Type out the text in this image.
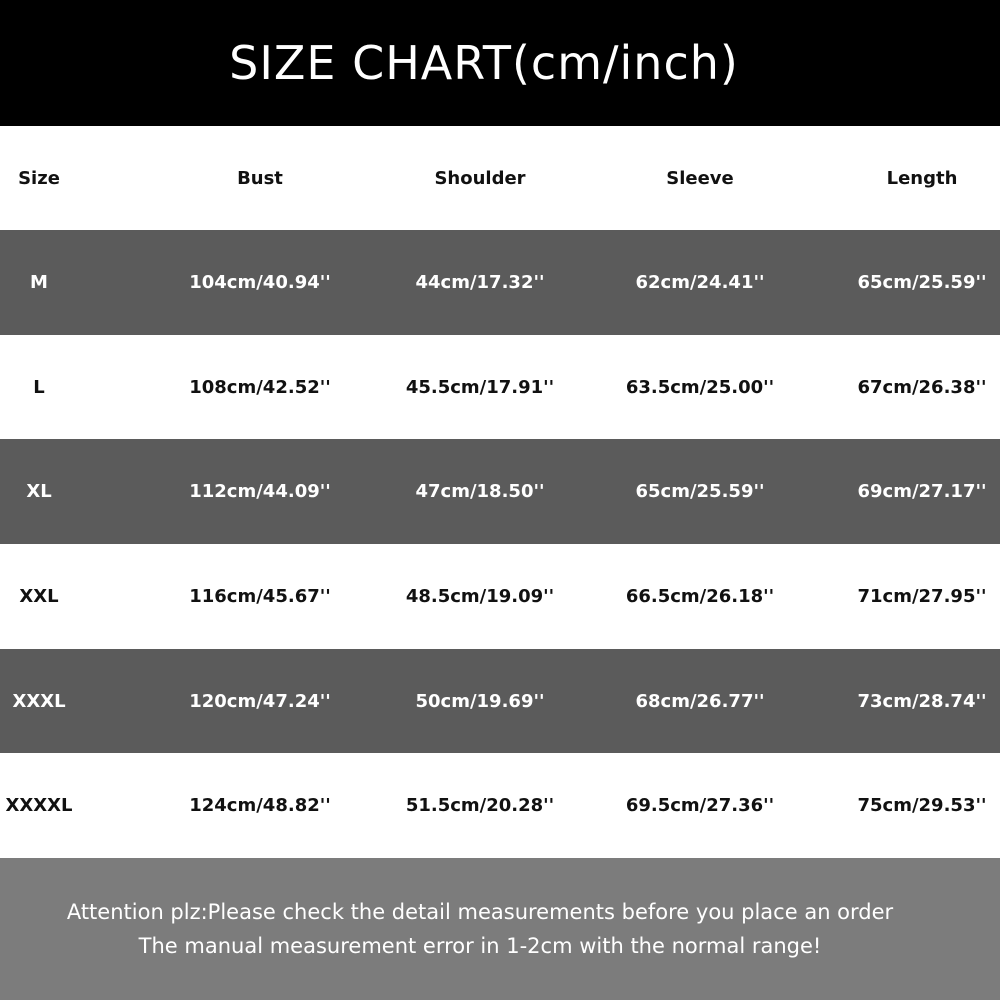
SIZE CHART(cm/inch)
Size	Bust	Shoulder	Sleeve	Length
M	104cm/40.94''	44cm/17.32''	62cm/24.41''	65cm/25.59''
L	108cm/42.52''	45.5cm/17.91''	63.5cm/25.00''	67cm/26.38''
XL	112cm/44.09''	47cm/18.50''	65cm/25.59''	69cm/27.17''
XXL	116cm/45.67''	48.5cm/19.09''	66.5cm/26.18''	71cm/27.95''
XXXL	120cm/47.24''	50cm/19.69''	68cm/26.77''	73cm/28.74''
XXXXL	124cm/48.82''	51.5cm/20.28''	69.5cm/27.36''	75cm/29.53''
Attention plz:Please check the detail measurements before you place an order
The manual measurement error in 1-2cm with the normal range!
